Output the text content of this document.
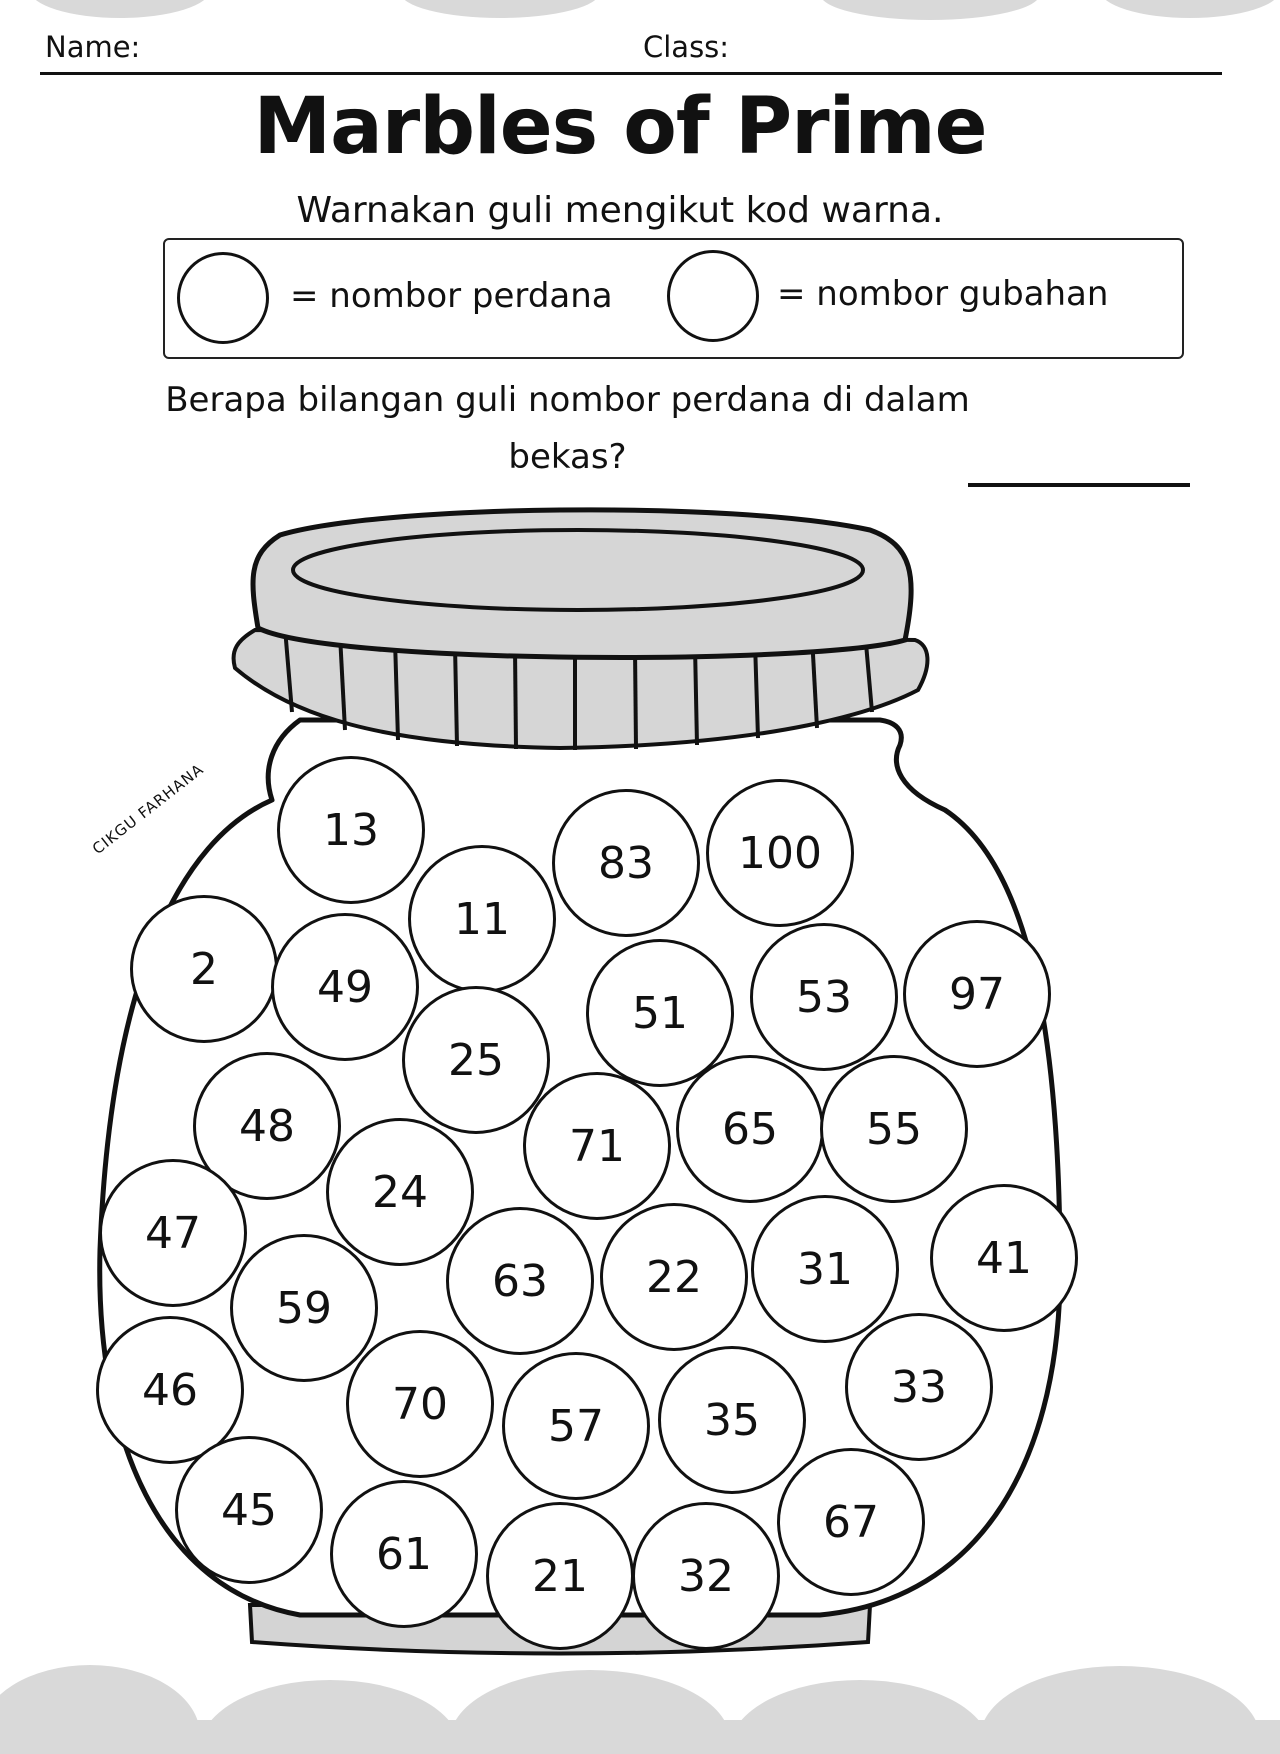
Name:	Class:
Marbles of Prime
Warnakan guli mengikut kod warna.
= nombor perdana	= nombor gubahan
Berapa bilangan guli nombor perdana di dalam bekas?
CIKGU FARHANA	13
83	100
11
2	49
51	53	97
25
48	71	65	55
24
47
63	22	31	41
59
46	70	57	35
33
45
61	21	32
67
